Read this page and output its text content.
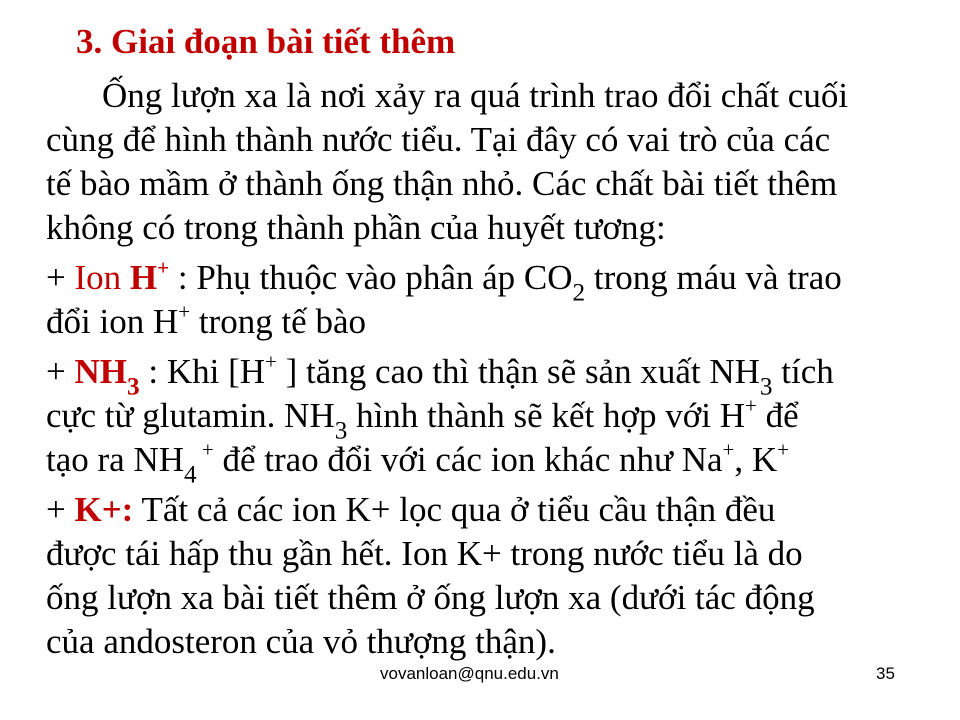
3. Giai đoạn bài tiết thêm
Ống lượn xa là nơi xảy ra quá trình trao đổi chất cuối
cùng để hình thành nước tiểu. Tại đây có vai trò của các
tế bào mầm ở thành ống thận nhỏ. Các chất bài tiết thêm
không có trong thành phần của huyết tương:
+ Ion H+ : Phụ thuộc vào phân áp $CO_2$ trong máu và trao
đổi ion H+ trong tế bào
+ $NH_3$ : Khi [H+ ] tăng cao thì thận sẽ sản xuất $NH_3$ tích
cực từ glutamin. $NH_3$ hình thành sẽ kết hợp với H+ để
tạo ra $NH_4$ + để trao đổi với các ion khác như Na+, K+
+ K+: Tất cả các ion K+ lọc qua ở tiểu cầu thận đều
được tái hấp thu gần hết. Ion K+ trong nước tiểu là do
ống lượn xa bài tiết thêm ở ống lượn xa (dưới tác động
của andosteron của vỏ thượng thận).
vovanloan@qnu.edu.vn	35
